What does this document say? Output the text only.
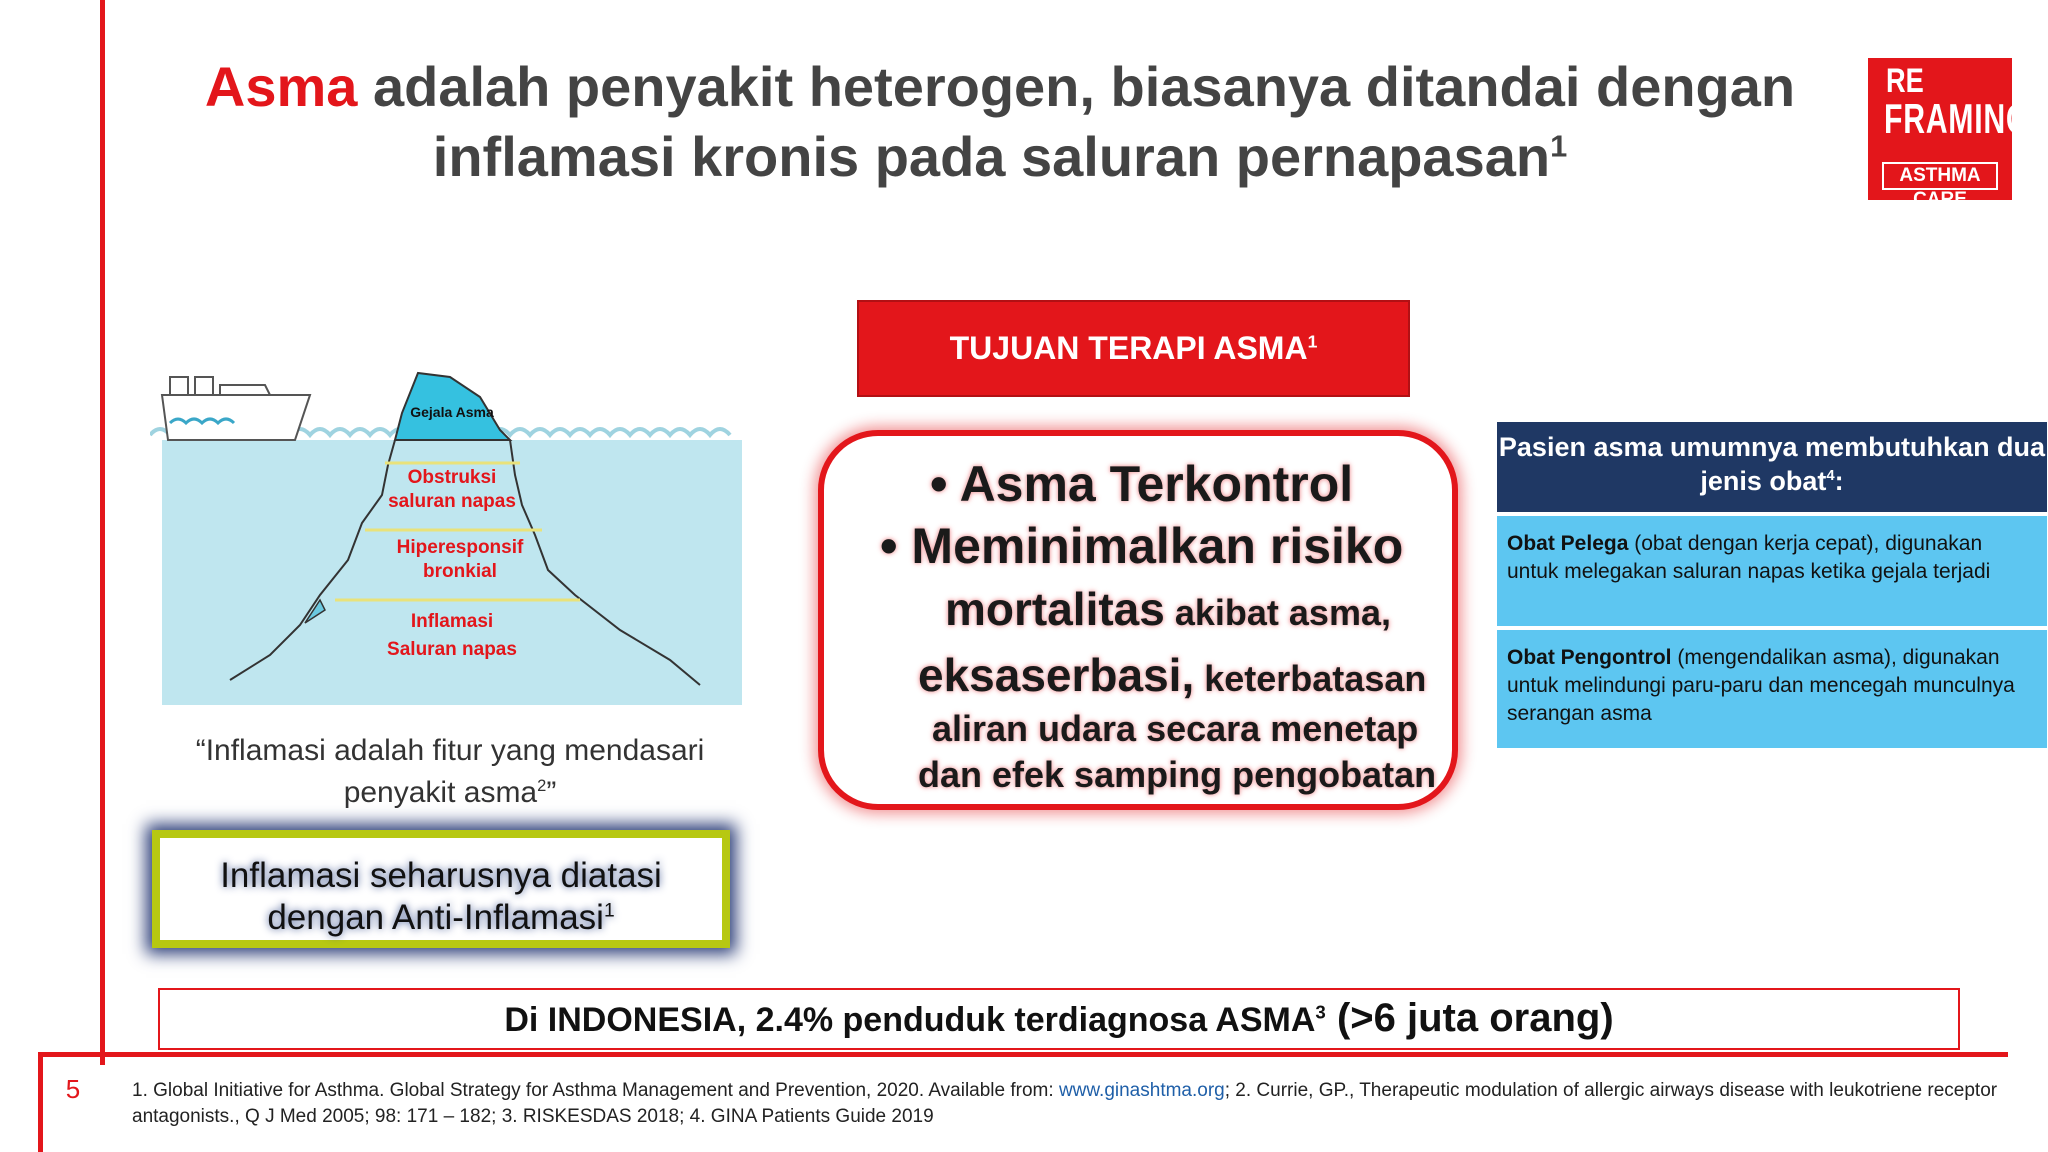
5
Asma adalah penyakit heterogen, biasanya ditandai dengan
inflamasi kronis pada saluran pernapasan$^1$
RE
FRAMING
ASTHMA CARE
Gejala Asma
Obstruksi
saluran napas
Hiperesponsif
bronkial
Inflamasi
Saluran napas
“Inflamasi adalah fitur yang mendasari
penyakit asma$^2$”
Inflamasi seharusnya diatasi
dengan Anti-Inflamasi$^1$
TUJUAN TERAPI ASMA$^1$
• Asma Terkontrol
• Meminimalkan risiko
mortalitas akibat asma,
eksaserbasi, keterbatasan
aliran udara secara menetap
dan efek samping pengobatan
Pasien asma umumnya membutuhkan dua
jenis obat$^4$:
Obat Pelega (obat dengan kerja cepat), digunakan untuk melegakan saluran napas ketika gejala terjadi
Obat Pengontrol (mengendalikan asma), digunakan untuk melindungi paru-paru dan mencegah munculnya serangan asma
Di INDONESIA, 2.4% penduduk terdiagnosa ASMA$^3$ (>6 juta orang)
1. Global Initiative for Asthma. Global Strategy for Asthma Management and Prevention, 2020. Available from: www.ginashtma.org; 2. Currie, GP., Therapeutic modulation of allergic airways disease with leukotriene receptor antagonists., Q J Med 2005; 98: 171 – 182; 3. RISKESDAS 2018; 4. GINA Patients Guide 2019
